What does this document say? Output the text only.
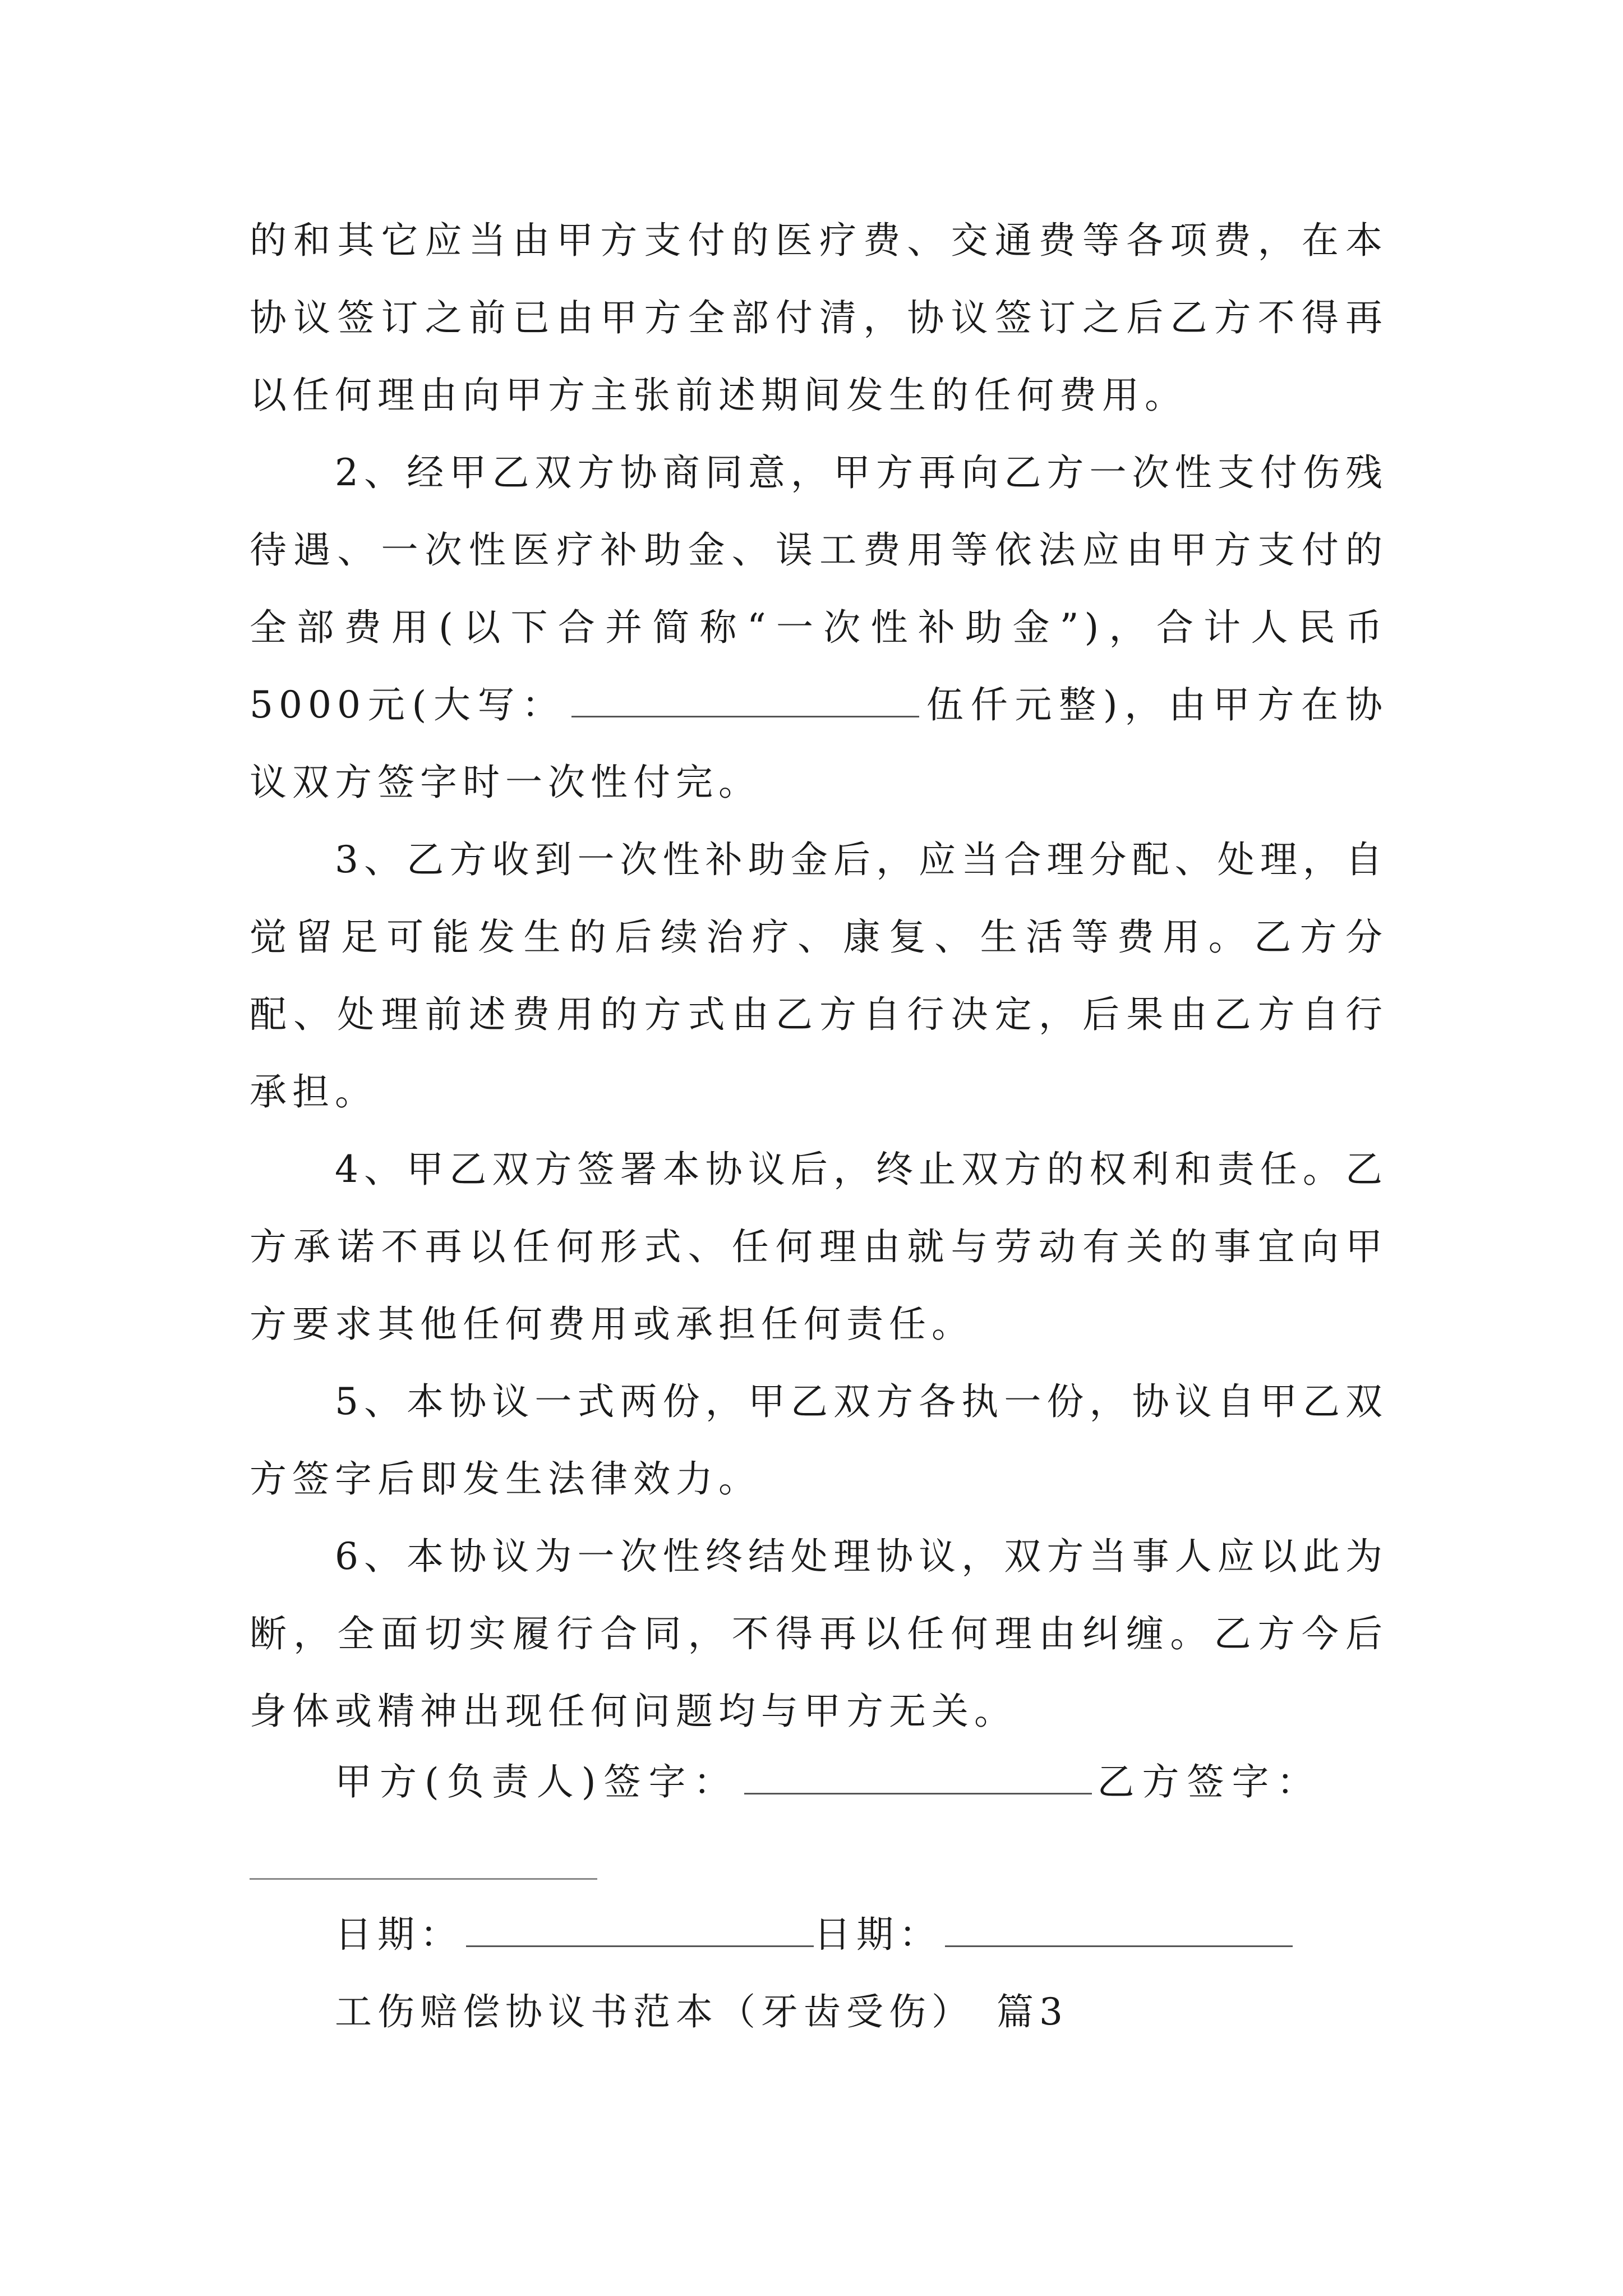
的和其它应当由甲方支付的医疗费、交通费等各项费，在本协议签订之前已由甲方全部付清，协议签订之后乙方不得再以任何理由向甲方主张前述期间发生的任何费用。

2、经甲乙双方协商同意，甲方再向乙方一次性支付伤残待遇、一次性医疗补助金、误工费用等依法应由甲方支付的全部费用(以下合并简称“一次性补助金”)，合计人民币5000元(大写：	伍仟元整)，由甲方在协议双方签字时一次性付完。

3、乙方收到一次性补助金后，应当合理分配、处理，自觉留足可能发生的后续治疗、康复、生活等费用。乙方分配、处理前述费用的方式由乙方自行决定，后果由乙方自行承担。

4、甲乙双方签署本协议后，终止双方的权利和责任。乙方承诺不再以任何形式、任何理由就与劳动有关的事宜向甲方要求其他任何费用或承担任何责任。

5、本协议一式两份，甲乙双方各执一份，协议自甲乙双方签字后即发生法律效力。

6、本协议为一次性终结处理协议，双方当事人应以此为断，全面切实履行合同，不得再以任何理由纠缠。乙方今后身体或精神出现任何问题均与甲方无关。

甲方(负责人)签字：	乙方签字：
日期：	日期：
工伤赔偿协议书范本（牙齿受伤） 篇3
